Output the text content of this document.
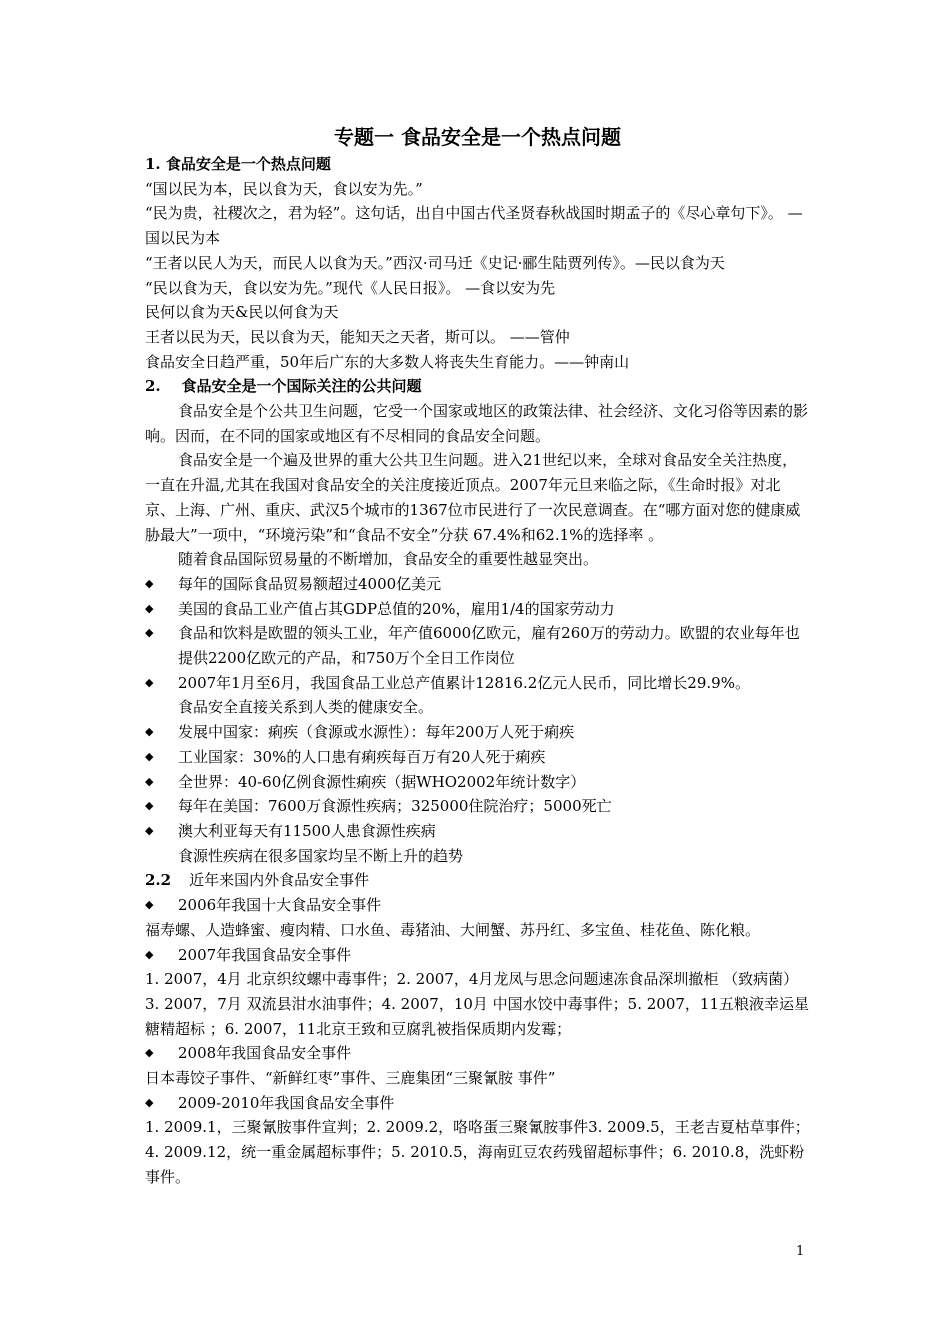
专题一 食品安全是一个热点问题
1. 食品安全是一个热点问题
“国以民为本，民以食为天，食以安为先。”
“民为贵，社稷次之，君为轻”。这句话，出自中国古代圣贤春秋战国时期孟子的《尽心章句下》。 —国以民为本
“王者以民人为天，而民人以食为天。”西汉·司马迁《史记·郦生陆贾列传》。—民以食为天
“民以食为天，食以安为先。”现代《人民日报》。 —食以安为先
民何以食为天&民以何食为天
王者以民为天，民以食为天，能知天之天者，斯可以。 ——管仲
食品安全日趋严重，50年后广东的大多数人将丧失生育能力。——钟南山
2.    食品安全是一个国际关注的公共问题
食品安全是个公共卫生问题，它受一个国家或地区的政策法律、社会经济、文化习俗等因素的影响。因而，在不同的国家或地区有不尽相同的食品安全问题。
食品安全是一个遍及世界的重大公共卫生问题。进入21世纪以来，全球对食品安全关注热度，一直在升温,尤其在我国对食品安全的关注度接近顶点。2007年元旦来临之际，《生命时报》对北京、上海、广州、重庆、武汉5个城市的1367位市民进行了一次民意调查。在“哪方面对您的健康威胁最大”一项中，“环境污染”和“食品不安全”分获 67.4%和62.1%的选择率 。
随着食品国际贸易量的不断增加，食品安全的重要性越显突出。
◆ 每年的国际食品贸易额超过4000亿美元
◆ 美国的食品工业产值占其GDP总值的20%，雇用1/4的国家劳动力
◆ 食品和饮料是欧盟的领头工业，年产值6000亿欧元，雇有260万的劳动力。欧盟的农业每年也提供2200亿欧元的产品，和750万个全日工作岗位
◆ 2007年1月至6月，我国食品工业总产值累计12816.2亿元人民币，同比增长29.9%。
食品安全直接关系到人类的健康安全。
◆ 发展中国家：痢疾（食源或水源性）：每年200万人死于痢疾
◆ 工业国家：30%的人口患有痢疾每百万有20人死于痢疾
◆ 全世界：40-60亿例食源性痢疾（据WHO2002年统计数字）
◆ 每年在美国：7600万食源性疾病；325000住院治疗；5000死亡
◆ 澳大利亚每天有11500人患食源性疾病
食源性疾病在很多国家均呈不断上升的趋势
2.2 近年来国内外食品安全事件
◆ 2006年我国十大食品安全事件
福寿螺、人造蜂蜜、瘦肉精、口水鱼、毒猪油、大闸蟹、苏丹红、多宝鱼、桂花鱼、陈化粮。
◆ 2007年我国食品安全事件
1. 2007，4月 北京织纹螺中毒事件；2. 2007，4月龙凤与思念问题速冻食品深圳撤柜 （致病菌）3. 2007，7月 双流县泔水油事件；4. 2007，10月 中国水饺中毒事件；5. 2007，11五粮液幸运星糖精超标 ；6. 2007，11北京王致和豆腐乳被指保质期内发霉；
◆ 2008年我国食品安全事件
日本毒饺子事件、“新鲜红枣”事件、三鹿集团“三聚氰胺 事件”
◆ 2009-2010年我国食品安全事件
1. 2009.1，三聚氰胺事件宣判；2. 2009.2，咯咯蛋三聚氰胺事件3. 2009.5，王老吉夏枯草事件；4. 2009.12，统一重金属超标事件；5. 2010.5，海南豇豆农药残留超标事件；6. 2010.8，洗虾粉事件。
1
